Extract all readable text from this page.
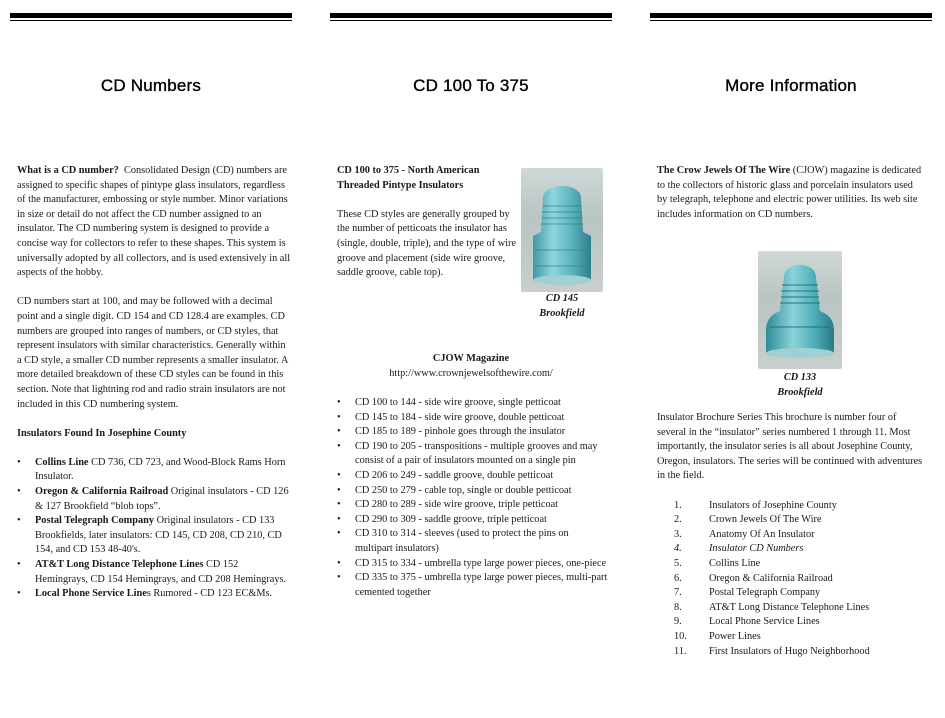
CD Numbers

What is a CD number? Consolidated Design (CD) numbers are assigned to specific shapes of pintype glass insulators, regardless of the manufacturer, embossing or style number. Minor variations in size or detail do not affect the CD number assigned to an insulator. The CD numbering system is designed to provide a concise way for collectors to refer to these shapes. This system is universally adopted by all collectors, and is used extensively in all aspects of the hobby.

CD numbers start at 100, and may be followed with a decimal point and a single digit. CD 154 and CD 128.4 are examples. CD numbers are grouped into ranges of numbers, or CD styles, that represent insulators with similar characteristics. Generally within a CD style, a smaller CD number represents a smaller insulator. A more detailed breakdown of these CD styles can be found in this section. Note that lightning rod and radio strain insulators are not included in this CD numbering system.

Insulators Found In Josephine County

• Collins Line CD 736, CD 723, and Wood-Block Rams Horn Insulator.
• Oregon & California Railroad Original insulators - CD 126 & 127 Brookfield “blob tops”.
• Postal Telegraph Company Original insulators - CD 133 Brookfields, later insulators: CD 145, CD 208, CD 210, CD 154, and CD 153 48-40's.
• AT&T Long Distance Telephone Lines CD 152 Hemingrays, CD 154 Hemingrays, and CD 208 Hemingrays.
• Local Phone Service Lines Rumored - CD 123 EC&Ms.
CD 100 To 375

CD 100 to 375 - North American Threaded Pintype Insulators

These CD styles are generally grouped by the number of petticoats the insulator has (single, double, triple), and the type of wire groove and placement (side wire groove, saddle groove, cable top).

CD 145
Brookfield
CJOW Magazine
http://www.crownjewelsofthewire.com/
• CD 100 to 144 - side wire groove, single petticoat
• CD 145 to 184 - side wire groove, double petticoat
• CD 185 to 189 - pinhole goes through the insulator
• CD 190 to 205 - transpositions - multiple grooves and may consist of a pair of insulators mounted on a single pin
• CD 206 to 249 - saddle groove, double petticoat
• CD 250 to 279 - cable top, single or double petticoat
• CD 280 to 289 - side wire groove, triple petticoat
• CD 290 to 309 - saddle groove, triple petticoat
• CD 310 to 314 - sleeves (used to protect the pins on multipart insulators)
• CD 315 to 334 - umbrella type large power pieces, one-piece
• CD 335 to 375 - umbrella type large power pieces, multi-part cemented together
More Information

The Crow Jewels Of The Wire (CJOW) magazine is dedicated to the collectors of historic glass and porcelain insulators used by telegraph, telephone and electric power utilities. Its web site includes information on CD numbers.

CD 133
Brookfield

Insulator Brochure Series This brochure is number four of several in the “insulator” series numbered 1 through 11. Most importantly, the insulator series is all about Josephine County, Oregon, insulators. The series will be continued with adventures in the field.

1.	Insulators of Josephine County
2.	Crown Jewels Of The Wire
3.	Anatomy Of An Insulator
4.	Insulator CD Numbers
5.	Collins Line
6.	Oregon & California Railroad
7.	Postal Telegraph Company
8.	AT&T Long Distance Telephone Lines
9.	Local Phone Service Lines
10.	Power Lines
11.	First Insulators of Hugo Neighborhood
